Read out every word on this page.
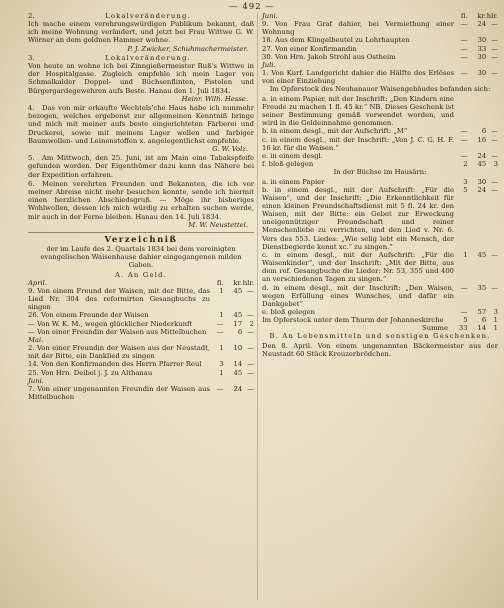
— 492 —
2.	Lokalveränderung.

Ich mache einem verehrungswürdigen Publikum bekannt, daß ich meine Wohnung verändert, und jetzt bei Frau Wittwe G. W. Wörner an dem goldnen Hammer wohne.

P. J. Zwicker, Schuhmachermeister.
3.	Lokalveränderung.

Von heute an wohne ich bei Zinngießermeister Ruß's Wittwe in der Hospitalgasse. Zugleich empfehle ich mein Lager von Schmalkalder Doppel- und Büchsenflinten, Pistolen und Bürgergardegewehren aufs Beste. Hanau den 1. Juli 1834.

Heinr. Wilh. Hesse.

4. Das von mir erkaufte Wechtels'che Haus habe ich nunmehr bezogen, welches ergebenst zur allgemeinen Kenntniß bringe und mich mit meiner aufs beste eingerichteten Färberei und Druckerei, sowie mit meinem Lager wollen und farbiger Baumwollen- und Leinenstoffen x. angelegentlichst empfehle.

G. W. Volz.

5. Am Mittwoch, den 25. Juni, ist am Main eine Tabakspfeife gefunden worden. Der Eigenthümer dazu kann das Nähere bei der Expedition erfahren.

6. Meinen verehrten Freunden und Bekannten, die ich vor meiner Abreise nicht mehr besuchen konnte, sende ich hiermit einen herzlichen Abschiedsgruß. — Möge ihr bisheriges Wohlwollen, dessen ich mich würdig zu erhalten suchen werde, mir auch in der Ferne bleiben. Hanau den 14. Juli 1834.

M. W. Neustettel.
Verzeichniß
der im Laufe des 2. Quartals 1834 bei dem vereinigten evangelischen Waisenhause dahier eingegangenen milden Gaben.
A. An Geld.
April.	fl.	kr. hlr.
9. Von einem Freund der Waisen, mit der Bitte, das Lied Nr. 304 des reformirten Gesangbuchs zu singen
1	45 —
26. Von einem Freunde der Waisen	1	45 —
— Von W. K. M., wegen glücklicher Niederkunft	—	17	2
— Von einer Freundin der Waisen aus Mittelbuchen	—	6 —
Mai.
2. Von einer Freundin der Waisen aus der Neustadt, mit der Bitte, ein Danklied zu singen
1	10 —
14. Von den Konfirmanden des Herrn Pfarrer Reul	3	14 —
25. Von Hrn. Deibel j. J. zu Althanau	1	45 —
Juni.
7. Von einer ungenannten Freundin der Waisen aus Mittelbuchen
—	24 —
Juni.	fl.	kr. hlr.
9. Von Frau Graf dahier, bei Vermiethung einer Wohnung
—	24 —
18. Aus dem Klingelbeutel zu Lohrhaupten	—	30 —
27. Von einer Konfirmandin	—	33 —
30. Von Hrn. Jakob Strohl aus Ostheim	—	30 —
Juli.
1. Von Kurf. Landgericht dahier die Hälfte des Erlöses von einer Einziehung
—	30 —
Im Opferstock des Neuhanauer Waisengebäudes befanden sich:
a. in einem Papier, mit der Inschrift: „Den Kindern eine Freude zu machen 1 fl. 45 kr.“ NB. Dieses Geschenk ist seiner Bestimmung gemäß verwendet worden, und wird in die Geldeinnahme genommen.
b. in einem desgl., mit der Aufschrift: „M“	—	6 —
c. in einem desgl., mit der Inschrift: „Von J. C. G. H. F. 16 kr. für die Waisen.“
—	16 —
e. in einem desgl.	—	24 —
f. bloß gelegen	2	45	3
In der Büchse im Hausärn:
a. in einem Papier	3	30 —
b. in einem desgl., mit der Aufschrift: „Für die Waisen“, und der Inschrift: „Die Erkenntlichkeit für einen kleinen Freundschaftsdienst mit 5 fl. 24 kr. den Waisen, mit der Bitte: ein Gebet zur Erweckung uneigennütziger Freundschaft und reiner Menschenliebe zu verrichten, und den Lied v. Nr. 6. Vers des 553. Liedes: „Wie selig lebt ein Mensch, der Dienstbegierde kennt xc.“ zu singen.“
5	24 —
c. in einem desgl., mit der Aufschrift: „Für die Waisenkinder“, und der Inschrift: „Mit der Bitte, aus dem ref. Gesangbuche die Lieder: Nr. 53, 355 und 400 an verschiedenen Tagen zu singen.“
1	45 —
d. in einem desgl., mit der Inschrift: „Den Waisen, wegen Erfüllung eines Wunsches, und dafür ein Dankgebet“
—	35 —
e. bloß gelegen	—	57	3
Im Opferstock unter dem Thurm der Johanneskirche	5	6	1
Summe	33	14	1
B. An Lebensmitteln und sonstigen Geschenken.
Den 8. April. Von einem ungenannten Bäckermeister aus der Neustadt 60 Stück Kreuzerbrödchen.
